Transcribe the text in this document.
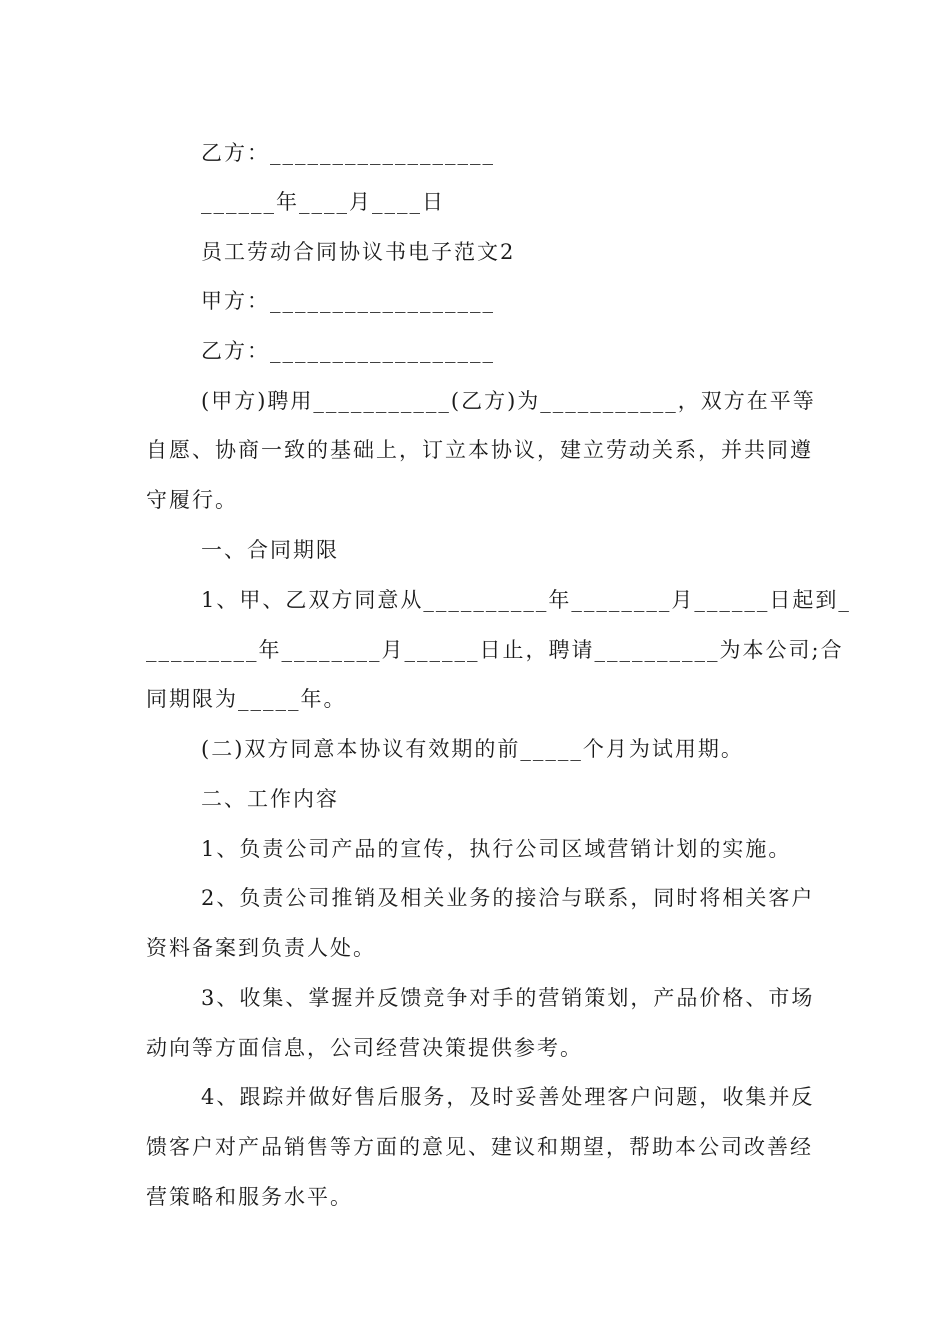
乙方：__________________
______年____月____日
员工劳动合同协议书电子范文2
甲方：__________________
乙方：__________________
(甲方)聘用___________(乙方)为___________，双方在平等
自愿、协商一致的基础上，订立本协议，建立劳动关系，并共同遵
守履行。
一、合同期限
1、甲、乙双方同意从__________年________月______日起到_
_________年________月______日止，聘请__________为本公司;合
同期限为_____年。
(二)双方同意本协议有效期的前_____个月为试用期。
二、工作内容
1、负责公司产品的宣传，执行公司区域营销计划的实施。
2、负责公司推销及相关业务的接洽与联系，同时将相关客户
资料备案到负责人处。
3、收集、掌握并反馈竞争对手的营销策划，产品价格、市场
动向等方面信息，公司经营决策提供参考。
4、跟踪并做好售后服务，及时妥善处理客户问题，收集并反
馈客户对产品销售等方面的意见、建议和期望，帮助本公司改善经
营策略和服务水平。
